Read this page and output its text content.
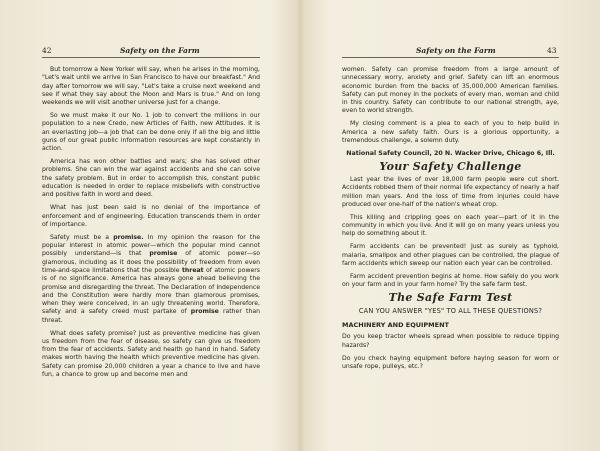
42	Safety on the Farm

But tomorrow a New Yorker will say, when he arises in the morning, "Let's wait until we arrive in San Francisco to have our breakfast." And day after tomorrow we will say, "Let's take a cruise next weekend and see if what they say about the Moon and Mars is true." And on long weekends we will visit another universe just for a change.

So we must make it our No. 1 job to convert the millions in our population to a new Credo, new Articles of Faith, new Attitudes. It is an everlasting job—a job that can be done only if all the big and little guns of our great public information resources are kept constantly in action.

America has won other battles and wars; she has solved other problems. She can win the war against accidents and she can solve the safety problem. But in order to accomplish this, constant public education is needed in order to replace misbeliefs with constructive and positive faith in word and deed.

What has just been said is no denial of the importance of enforcement and of engineering. Education transcends them in order of importance.

Safety must be a promise. In my opinion the reason for the popular interest in atomic power—which the popular mind cannot possibly understand—is that promise of atomic power—so glamorous, including as it does the possibility of freedom from even time-and-space limitations that the possible threat of atomic powers is of no significance. America has always gone ahead believing the promise and disregarding the threat. The Declaration of Independence and the Constitution were hardly more than glamorous promises, when they were conceived, in an ugly threatening world. Therefore, safety and a safety creed must partake of promise rather than threat.

What does safety promise? Just as preventive medicine has given us freedom from the fear of disease, so safety can give us freedom from the fear of accidents. Safety and health go hand in hand. Safety makes worth having the health which preventive medicine has given. Safety can promise 20,000 children a year a chance to live and have fun, a chance to grow up and become men and

Safety on the Farm	43

women. Safety can promise freedom from a large amount of unnecessary worry, anxiety and grief. Safety can lift an enormous economic burden from the backs of 35,000,000 American families. Safety can put money in the pockets of every man, woman and child in this country. Safety can contribute to our national strength, aye, even to world strength.

My closing comment is a plea to each of you to help build in America a new safety faith. Ours is a glorious opportunity, a tremendous challenge, a solemn duty.

National Safety Council, 20 N. Wacker Drive, Chicago 6, Ill.

Your Safety Challenge

Last year the lives of over 18,000 farm people were cut short. Accidents robbed them of their normal life expectancy of nearly a half million man years. And the loss of time from injuries could have produced over one-half of the nation's wheat crop.

This killing and crippling goes on each year—part of it in the community in which you live. And it will go on many years unless you help do something about it.

Farm accidents can be prevented! Just as surely as typhoid, malaria, smallpox and other plagues can be controlled, the plague of farm accidents which sweep our nation each year can be controlled.

Farm accident prevention begins at home. How safely do you work on your farm and in your farm home? Try the safe farm test.

The Safe Farm Test

CAN YOU ANSWER "YES" TO ALL THESE QUESTIONS?

MACHINERY AND EQUIPMENT

Do you keep tractor wheels spread when possible to reduce tipping hazards?

Do you check haying equipment before haying season for worn or unsafe rope, pulleys, etc.?
